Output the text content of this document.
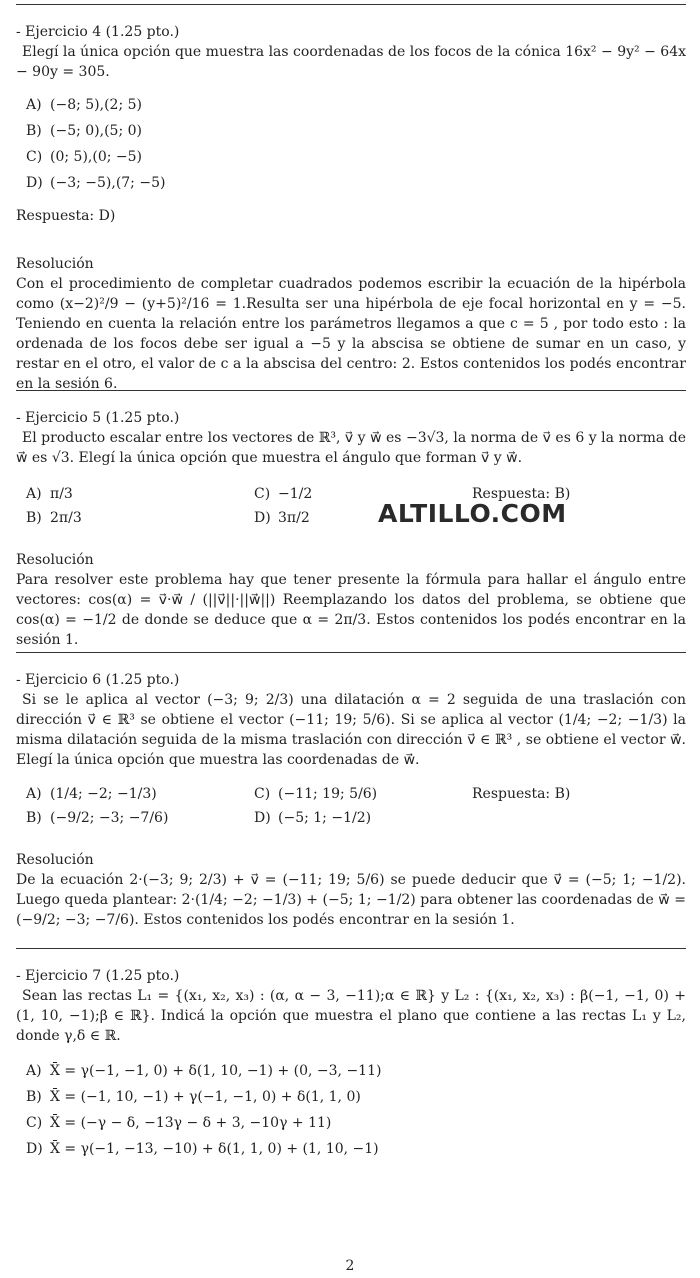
- Ejercicio 4 (1.25 pto.)

Elegí la única opción que muestra las coordenadas de los focos de la cónica 16x² − 9y² − 64x − 90y = 305.

A) (−8; 5),(2; 5)
B) (−5; 0),(5; 0)
C) (0; 5),(0; −5)
D) (−3; −5),(7; −5)

Respuesta: D)

Resolución

Con el procedimiento de completar cuadrados podemos escribir la ecuación de la hipérbola como (x−2)²/9 − (y+5)²/16 = 1.Resulta ser una hipérbola de eje focal horizontal en y = −5. Teniendo en cuenta la relación entre los parámetros llegamos a que c = 5 , por todo esto : la ordenada de los focos debe ser igual a −5 y la abscisa se obtiene de sumar en un caso, y restar en el otro, el valor de c a la abscisa del centro: 2. Estos contenidos los podés encontrar en la sesión 6.

- Ejercicio 5 (1.25 pto.)

El producto escalar entre los vectores de ℝ³, v⃗ y w⃗ es −3√3, la norma de v⃗ es 6 y la norma de w⃗ es √3. Elegí la única opción que muestra el ángulo que forman v⃗ y w⃗.

A) π/3	C) −1/2	Respuesta: B)
B) 2π/3	D) 3π/2

Resolución

Para resolver este problema hay que tener presente la fórmula para hallar el ángulo entre vectores: cos(α) = v⃗·w⃗ / (||v⃗||·||w⃗||) Reemplazando los datos del problema, se obtiene que cos(α) = −1/2 de donde se deduce que α = 2π/3. Estos contenidos los podés encontrar en la sesión 1.

ALTILLO.COM

- Ejercicio 6 (1.25 pto.)

Si se le aplica al vector (−3; 9; 2/3) una dilatación α = 2 seguida de una traslación con dirección v⃗ ∈ ℝ³ se obtiene el vector (−11; 19; 5/6). Si se aplica al vector (1/4; −2; −1/3) la misma dilatación seguida de la misma traslación con dirección v⃗ ∈ ℝ³ , se obtiene el vector w⃗. Elegí la única opción que muestra las coordenadas de w⃗.

A) (1/4; −2; −1/3)	C) (−11; 19; 5/6)	Respuesta: B)
B) (−9/2; −3; −7/6)	D) (−5; 1; −1/2)

Resolución

De la ecuación 2·(−3; 9; 2/3) + v⃗ = (−11; 19; 5/6) se puede deducir que v⃗ = (−5; 1; −1/2). Luego queda plantear: 2·(1/4; −2; −1/3) + (−5; 1; −1/2) para obtener las coordenadas de w⃗ = (−9/2; −3; −7/6). Estos contenidos los podés encontrar en la sesión 1.

- Ejercicio 7 (1.25 pto.)

Sean las rectas L₁ = {(x₁, x₂, x₃) : (α, α − 3, −11);α ∈ ℝ} y L₂ : {(x₁, x₂, x₃) : β(−1, −1, 0) + (1, 10, −1);β ∈ ℝ}. Indicá la opción que muestra el plano que contiene a las rectas L₁ y L₂, donde γ,δ ∈ ℝ.

A) X̄ = γ(−1, −1, 0) + δ(1, 10, −1) + (0, −3, −11)
B) X̄ = (−1, 10, −1) + γ(−1, −1, 0) + δ(1, 1, 0)
C) X̄ = (−γ − δ, −13γ − δ + 3, −10γ + 11)
D) X̄ = γ(−1, −13, −10) + δ(1, 1, 0) + (1, 10, −1)
2
